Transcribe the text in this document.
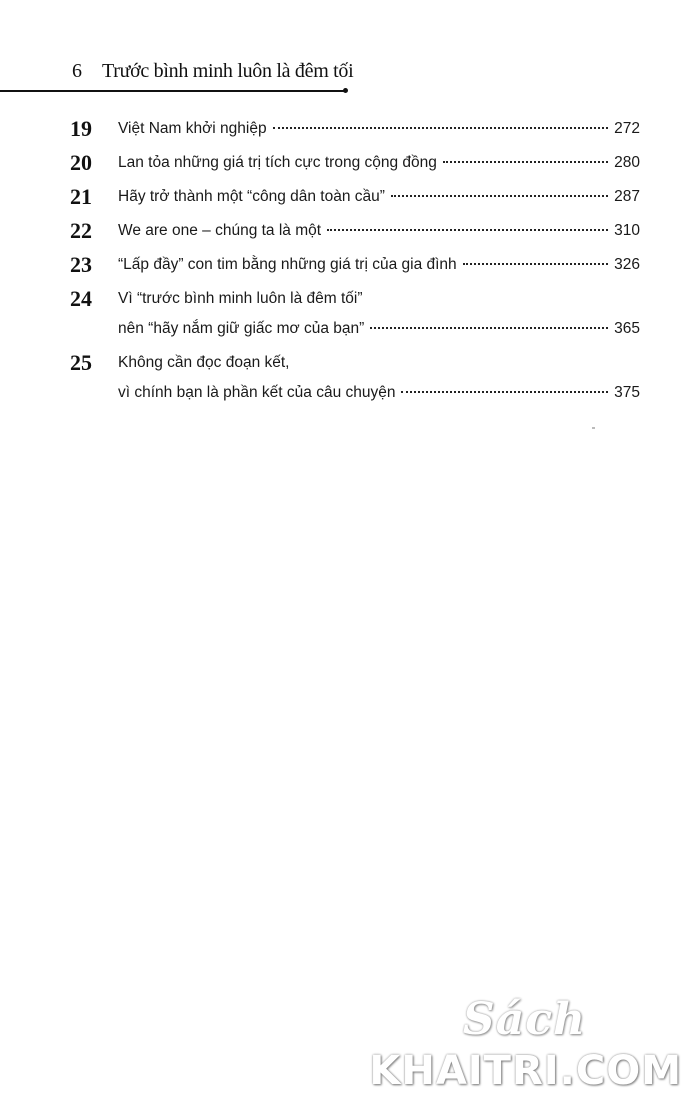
6	Trước bình minh luôn là đêm tối
19	Việt Nam khởi nghiệp	272
20	Lan tỏa những giá trị tích cực trong cộng đồng	280
21	Hãy trở thành một “công dân toàn cầu”	287
22	We are one – chúng ta là một	310
23	“Lấp đầy” con tim bằng những giá trị của gia đình	326
24	Vì “trước bình minh luôn là đêm tối”
nên “hãy nắm giữ giấc mơ của bạn”	365
25	Không cần đọc đoạn kết,
vì chính bạn là phần kết của câu chuyện	375
Sách
KHAITRI.COM
